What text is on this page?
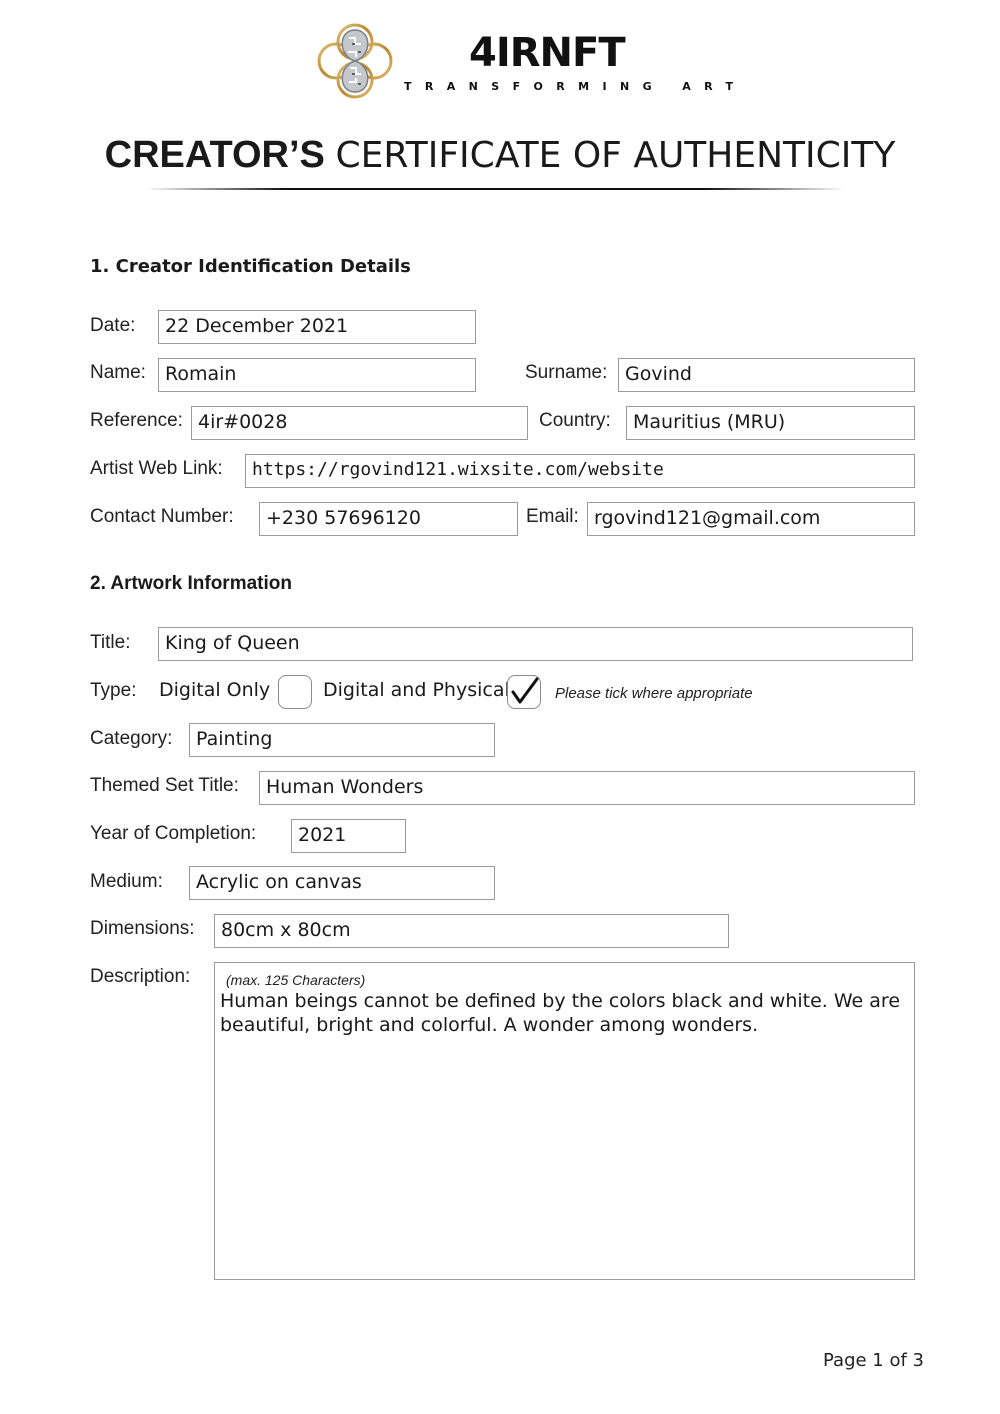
4IRNFT
TRANSFORMING ART
CREATOR’S CERTIFICATE OF AUTHENTICITY
1. Creator Identification Details
Date:	22 December 2021
Name:	Romain	Surname: Govind
Reference: 4ir#0028	Country:	Mauritius (MRU)
Artist Web Link:	https://rgovind121.wixsite.com/website
Contact Number:	+230 57696120	Email: rgovind121@gmail.com
2. Artwork Information
Title:	King of Queen
Type: Digital Only	Digital and Physical	Please tick where appropriate
Category:	Painting
Themed Set Title:	Human Wonders
Year of Completion:	2021
Medium:	Acrylic on canvas
Dimensions:	80cm x 80cm
Description:	(max. 125 Characters)
Human beings cannot be defined by the colors black and white. We are beautiful, bright and colorful. A wonder among wonders.
Page 1 of 3
